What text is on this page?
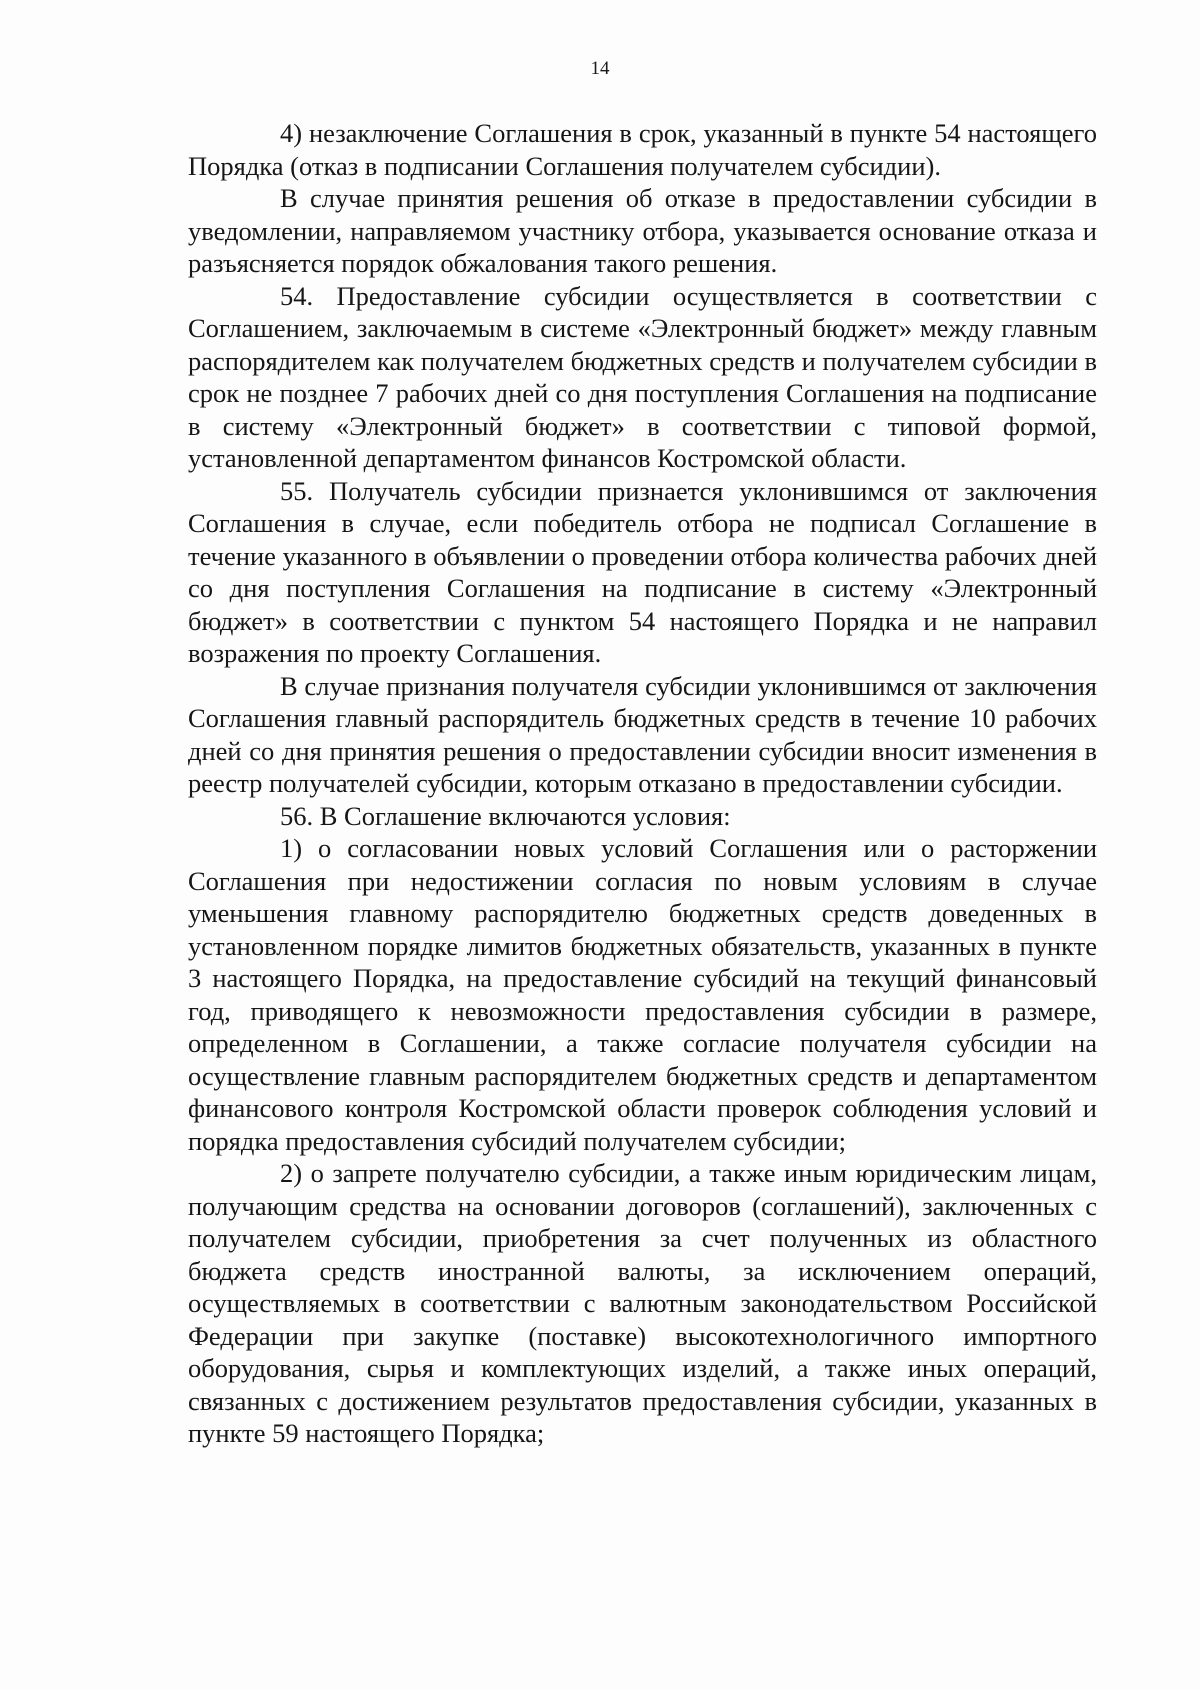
14

4) незаключение Соглашения в срок, указанный в пункте 54 настоящего Порядка (отказ в подписании Соглашения получателем субсидии).

В случае принятия решения об отказе в предоставлении субсидии в уведомлении, направляемом участнику отбора, указывается основание отказа и разъясняется порядок обжалования такого решения.

54. Предоставление субсидии осуществляется в соответствии с Соглашением, заключаемым в системе «Электронный бюджет» между главным распорядителем как получателем бюджетных средств и получателем субсидии в срок не позднее 7 рабочих дней со дня поступления Соглашения на подписание в систему «Электронный бюджет» в соответствии с типовой формой, установленной департаментом финансов Костромской области.

55. Получатель субсидии признается уклонившимся от заключения Соглашения в случае, если победитель отбора не подписал Соглашение в течение указанного в объявлении о проведении отбора количества рабочих дней со дня поступления Соглашения на подписание в систему «Электронный бюджет» в соответствии с пунктом 54 настоящего Порядка и не направил возражения по проекту Соглашения.

В случае признания получателя субсидии уклонившимся от заключения Соглашения главный распорядитель бюджетных средств в течение 10 рабочих дней со дня принятия решения о предоставлении субсидии вносит изменения в реестр получателей субсидии, которым отказано в предоставлении субсидии.

56. В Соглашение включаются условия:

1) о согласовании новых условий Соглашения или о расторжении Соглашения при недостижении согласия по новым условиям в случае уменьшения главному распорядителю бюджетных средств доведенных в установленном порядке лимитов бюджетных обязательств, указанных в пункте 3 настоящего Порядка, на предоставление субсидий на текущий финансовый год, приводящего к невозможности предоставления субсидии в размере, определенном в Соглашении, а также согласие получателя субсидии на осуществление главным распорядителем бюджетных средств и департаментом финансового контроля Костромской области проверок соблюдения условий и порядка предоставления субсидий получателем субсидии;

2) о запрете получателю субсидии, а также иным юридическим лицам, получающим средства на основании договоров (соглашений), заключенных с получателем субсидии, приобретения за счет полученных из областного бюджета средств иностранной валюты, за исключением операций, осуществляемых в соответствии с валютным законодательством Российской Федерации при закупке (поставке) высокотехнологичного импортного оборудования, сырья и комплектующих изделий, а также иных операций, связанных с достижением результатов предоставления субсидии, указанных в пункте 59 настоящего Порядка;
